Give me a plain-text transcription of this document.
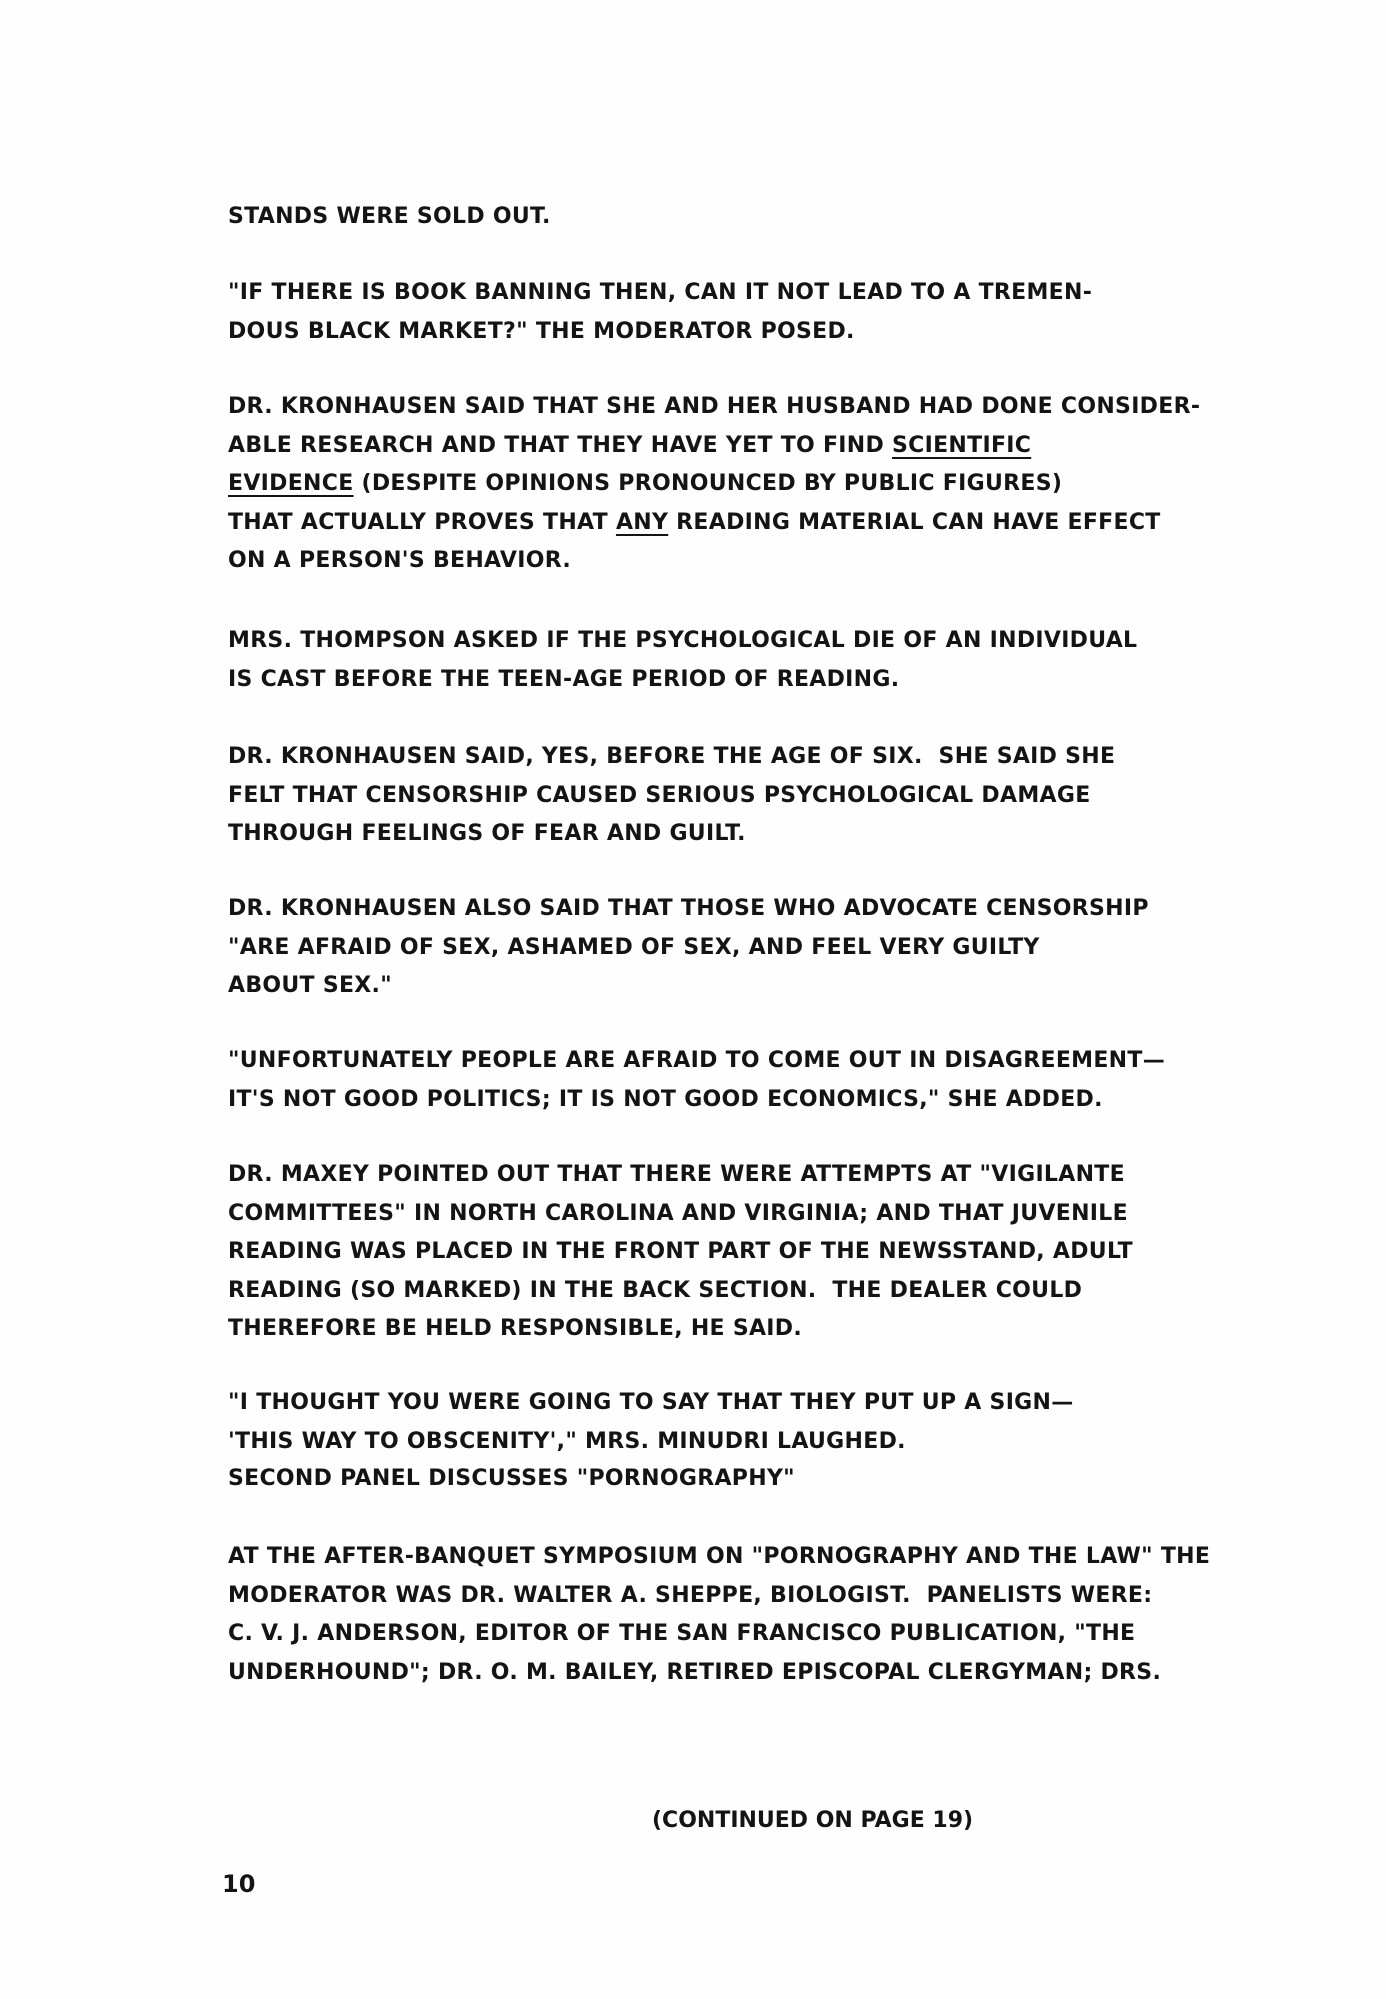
STANDS WERE SOLD OUT.
"IF THERE IS BOOK BANNING THEN, CAN IT NOT LEAD TO A TREMEN-
DOUS BLACK MARKET?" THE MODERATOR POSED.
DR. KRONHAUSEN SAID THAT SHE AND HER HUSBAND HAD DONE CONSIDER-
ABLE RESEARCH AND THAT THEY HAVE YET TO FIND SCIENTIFIC
EVIDENCE (DESPITE OPINIONS PRONOUNCED BY PUBLIC FIGURES)
THAT ACTUALLY PROVES THAT ANY READING MATERIAL CAN HAVE EFFECT
ON A PERSON'S BEHAVIOR.
MRS. THOMPSON ASKED IF THE PSYCHOLOGICAL DIE OF AN INDIVIDUAL
IS CAST BEFORE THE TEEN-AGE PERIOD OF READING.
DR. KRONHAUSEN SAID, YES, BEFORE THE AGE OF SIX.  SHE SAID SHE
FELT THAT CENSORSHIP CAUSED SERIOUS PSYCHOLOGICAL DAMAGE
THROUGH FEELINGS OF FEAR AND GUILT.
DR. KRONHAUSEN ALSO SAID THAT THOSE WHO ADVOCATE CENSORSHIP
"ARE AFRAID OF SEX, ASHAMED OF SEX, AND FEEL VERY GUILTY
ABOUT SEX."
"UNFORTUNATELY PEOPLE ARE AFRAID TO COME OUT IN DISAGREEMENT—
IT'S NOT GOOD POLITICS; IT IS NOT GOOD ECONOMICS," SHE ADDED.
DR. MAXEY POINTED OUT THAT THERE WERE ATTEMPTS AT "VIGILANTE
COMMITTEES" IN NORTH CAROLINA AND VIRGINIA; AND THAT JUVENILE
READING WAS PLACED IN THE FRONT PART OF THE NEWSSTAND, ADULT
READING (SO MARKED) IN THE BACK SECTION.  THE DEALER COULD
THEREFORE BE HELD RESPONSIBLE, HE SAID.
"I THOUGHT YOU WERE GOING TO SAY THAT THEY PUT UP A SIGN—
'THIS WAY TO OBSCENITY'," MRS. MINUDRI LAUGHED.
SECOND PANEL DISCUSSES "PORNOGRAPHY"
AT THE AFTER-BANQUET SYMPOSIUM ON "PORNOGRAPHY AND THE LAW" THE
MODERATOR WAS DR. WALTER A. SHEPPE, BIOLOGIST.  PANELISTS WERE:
C. V. J. ANDERSON, EDITOR OF THE SAN FRANCISCO PUBLICATION, "THE
UNDERHOUND"; DR. O. M. BAILEY, RETIRED EPISCOPAL CLERGYMAN; DRS.
(CONTINUED ON PAGE 19)
10
